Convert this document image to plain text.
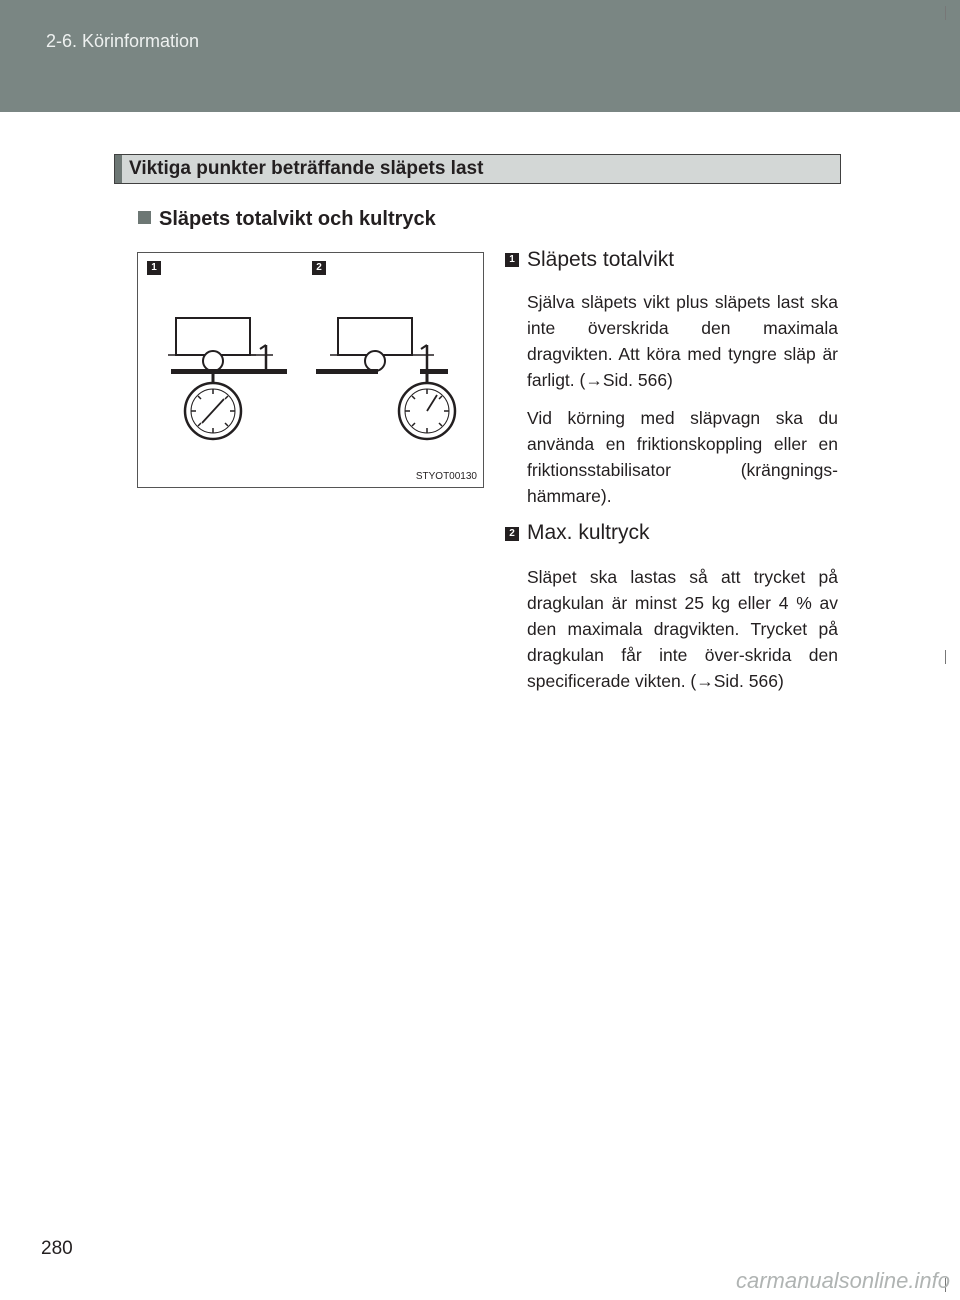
2-6. Körinformation
Viktiga punkter beträffande släpets last
Släpets totalvikt och kultryck
1	2
STYOT00130
1 Släpets totalvikt
Själva släpets vikt plus släpets last ska inte överskrida den maximala dragvikten. Att köra med tyngre släp är farligt. (→Sid. 566)
Vid körning med släpvagn ska du använda en friktionskoppling eller en friktionsstabilisator (krängnings-hämmare).
2 Max. kultryck
Släpet ska lastas så att trycket på dragkulan är minst 25 kg eller 4 % av den maximala dragvikten. Trycket på dragkulan får inte över-skrida den specificerade vikten. (→Sid. 566)
280
carmanualsonline.info
